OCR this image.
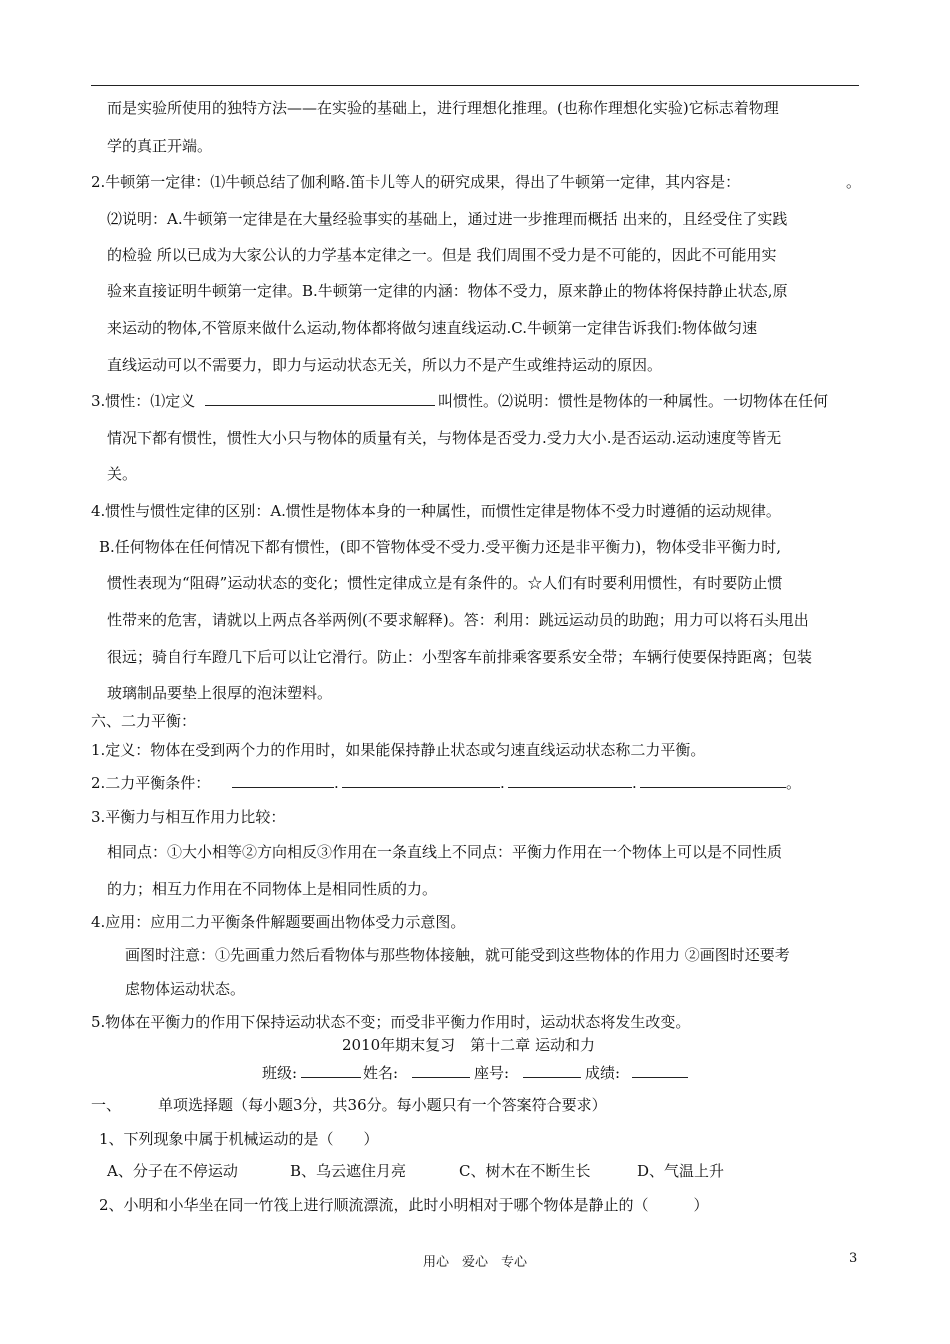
而是实验所使用的独特方法——在实验的基础上，进行理想化推理。(也称作理想化实验)它标志着物理
学的真正开端。
2.牛顿第一定律：⑴牛顿总结了伽利略.笛卡儿等人的研究成果，得出了牛顿第一定律，其内容是：	。
⑵说明：A.牛顿第一定律是在大量经验事实的基础上，通过进一步推理而概括 出来的，且经受住了实践
的检验 所以已成为大家公认的力学基本定律之一。但是 我们周围不受力是不可能的，因此不可能用实
验来直接证明牛顿第一定律。B.牛顿第一定律的内涵：物体不受力，原来静止的物体将保持静止状态,原
来运动的物体,不管原来做什么运动,物体都将做匀速直线运动.C.牛顿第一定律告诉我们:物体做匀速
直线运动可以不需要力，即力与运动状态无关，所以力不是产生或维持运动的原因。
3.惯性：⑴定义	叫惯性。⑵说明：惯性是物体的一种属性。一切物体在任何
情况下都有惯性，惯性大小只与物体的质量有关，与物体是否受力.受力大小.是否运动.运动速度等皆无
关。
4.惯性与惯性定律的区别：A.惯性是物体本身的一种属性，而惯性定律是物体不受力时遵循的运动规律。
B.任何物体在任何情况下都有惯性，(即不管物体受不受力.受平衡力还是非平衡力)，物体受非平衡力时,
惯性表现为“阻碍”运动状态的变化；惯性定律成立是有条件的。☆人们有时要利用惯性，有时要防止惯
性带来的危害，请就以上两点各举两例(不要求解释)。答：利用：跳远运动员的助跑；用力可以将石头甩出
很远；骑自行车蹬几下后可以让它滑行。防止：小型客车前排乘客要系安全带；车辆行使要保持距离；包装
玻璃制品要垫上很厚的泡沫塑料。
六、二力平衡：
1.定义：物体在受到两个力的作用时，如果能保持静止状态或匀速直线运动状态称二力平衡。
2.二力平衡条件：	.	.	.	。
3.平衡力与相互作用力比较：
相同点：①大小相等②方向相反③作用在一条直线上不同点：平衡力作用在一个物体上可以是不同性质
的力；相互力作用在不同物体上是相同性质的力。
4.应用：应用二力平衡条件解题要画出物体受力示意图。
画图时注意：①先画重力然后看物体与那些物体接触，就可能受到这些物体的作用力 ②画图时还要考
虑物体运动状态。
5.物体在平衡力的作用下保持运动状态不变；而受非平衡力作用时，运动状态将发生改变。
2010年期末复习　第十二章 运动和力
班级:	姓名:	座号:	成绩:
一、 单项选择题（每小题3分，共36分。每小题只有一个答案符合要求）
1、下列现象中属于机械运动的是（　　）
A、分子在不停运动	B、乌云遮住月亮	C、树木在不断生长	D、气温上升
2、小明和小华坐在同一竹筏上进行顺流漂流，此时小明相对于哪个物体是静止的（　　　）
用心　爱心　专心	3
